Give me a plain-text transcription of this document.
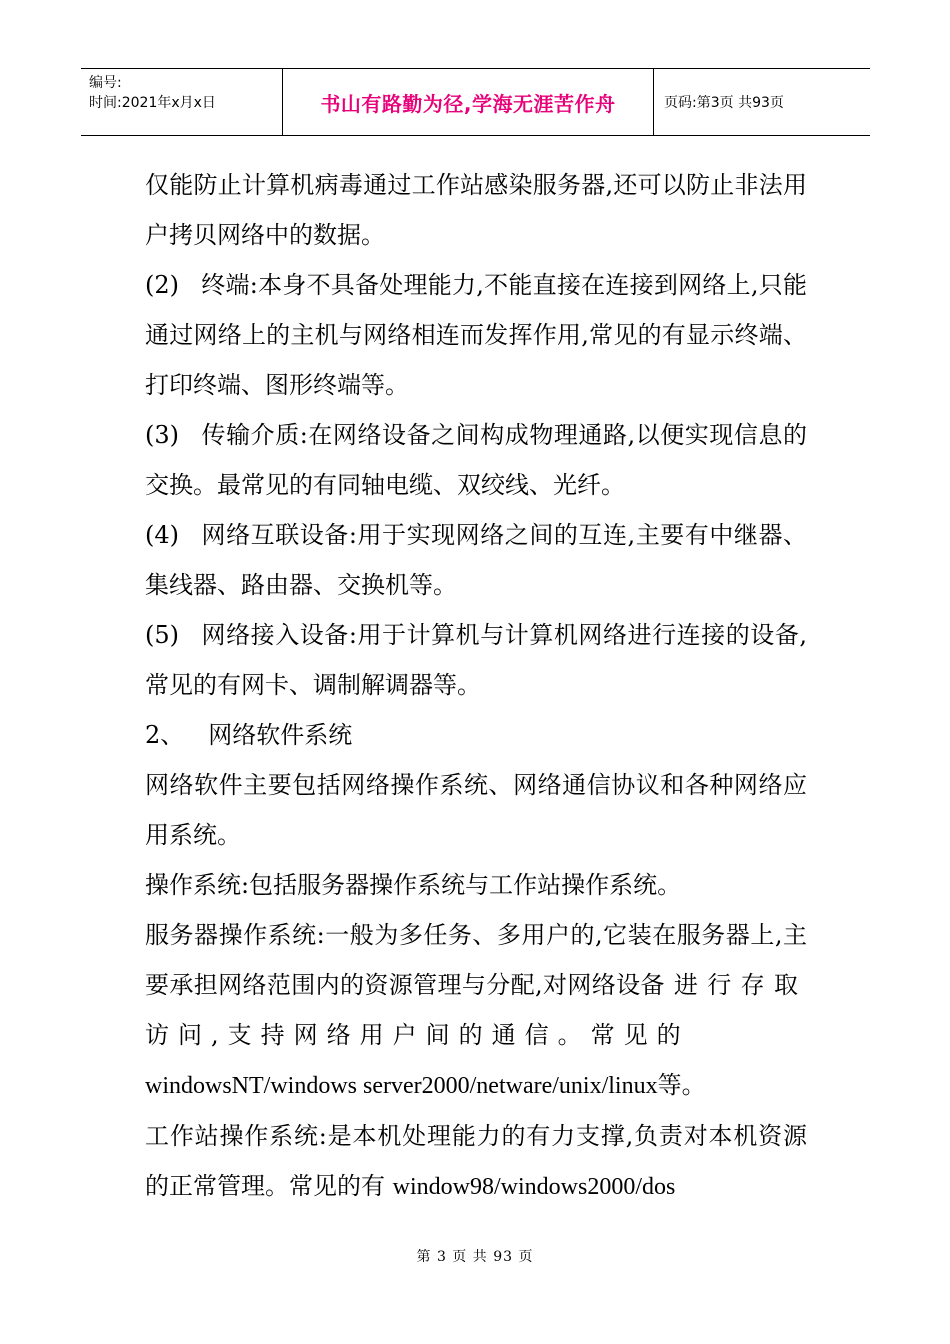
编号:
时间:2021年x月x日	书山有路勤为径,学海无涯苦作舟	页码:第3页 共93页

仅能防止计算机病毒通过工作站感染服务器,还可以防止非法用户拷贝网络中的数据。

(2) 终端:本身不具备处理能力,不能直接在连接到网络上,只能通过网络上的主机与网络相连而发挥作用,常见的有显示终端、打印终端、图形终端等。

(3) 传输介质:在网络设备之间构成物理通路,以便实现信息的交换。最常见的有同轴电缆、双绞线、光纤。

(4) 网络互联设备:用于实现网络之间的互连,主要有中继器、集线器、路由器、交换机等。

(5) 网络接入设备:用于计算机与计算机网络进行连接的设备,常见的有网卡、调制解调器等。

2、 网络软件系统

网络软件主要包括网络操作系统、网络通信协议和各种网络应用系统。

操作系统:包括服务器操作系统与工作站操作系统。

服务器操作系统:一般为多任务、多用户的,它装在服务器上,主要承担网络范围内的资源管理与分配,对网络设备进行存取访问,支持网络用户间的通信。常见的
windowsNT/windows server2000/netware/unix/linux等。

工作站操作系统:是本机处理能力的有力支撑,负责对本机资源的正常管理。常见的有 window98/windows2000/dos

第 3 页 共 93 页
